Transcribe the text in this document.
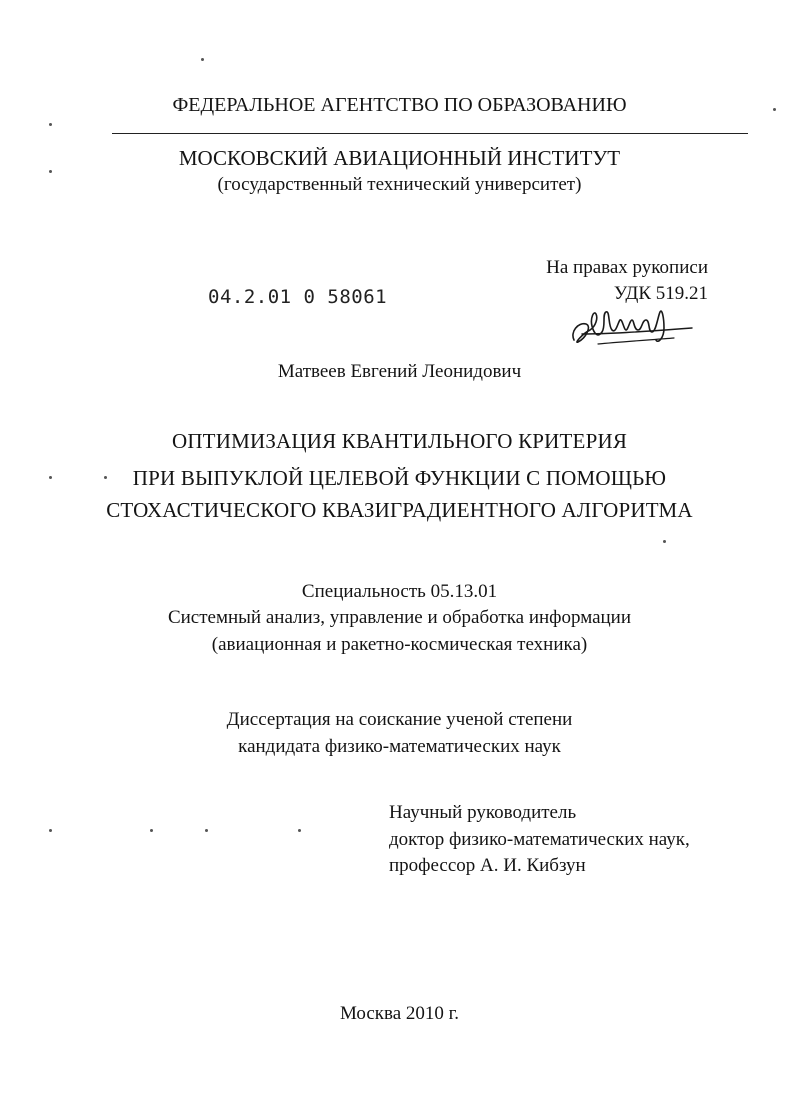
ФЕДЕРАЛЬНОЕ АГЕНТСТВО ПО ОБРАЗОВАНИЮ
МОСКОВСКИЙ АВИАЦИОННЫЙ ИНСТИТУТ
(государственный технический университет)
На правах рукописи
УДК 519.21
04.2.01 0 58061
Матвеев Евгений Леонидович
ОПТИМИЗАЦИЯ КВАНТИЛЬНОГО КРИТЕРИЯ
ПРИ ВЫПУКЛОЙ ЦЕЛЕВОЙ ФУНКЦИИ С ПОМОЩЬЮ
СТОХАСТИЧЕСКОГО КВАЗИГРАДИЕНТНОГО АЛГОРИТМА
Специальность 05.13.01
Системный анализ, управление и обработка информации
(авиационная и ракетно-космическая техника)
Диссертация на соискание ученой степени
кандидата физико-математических наук
Научный руководитель
доктор физико-математических наук,
профессор А. И. Кибзун
Москва 2010 г.
